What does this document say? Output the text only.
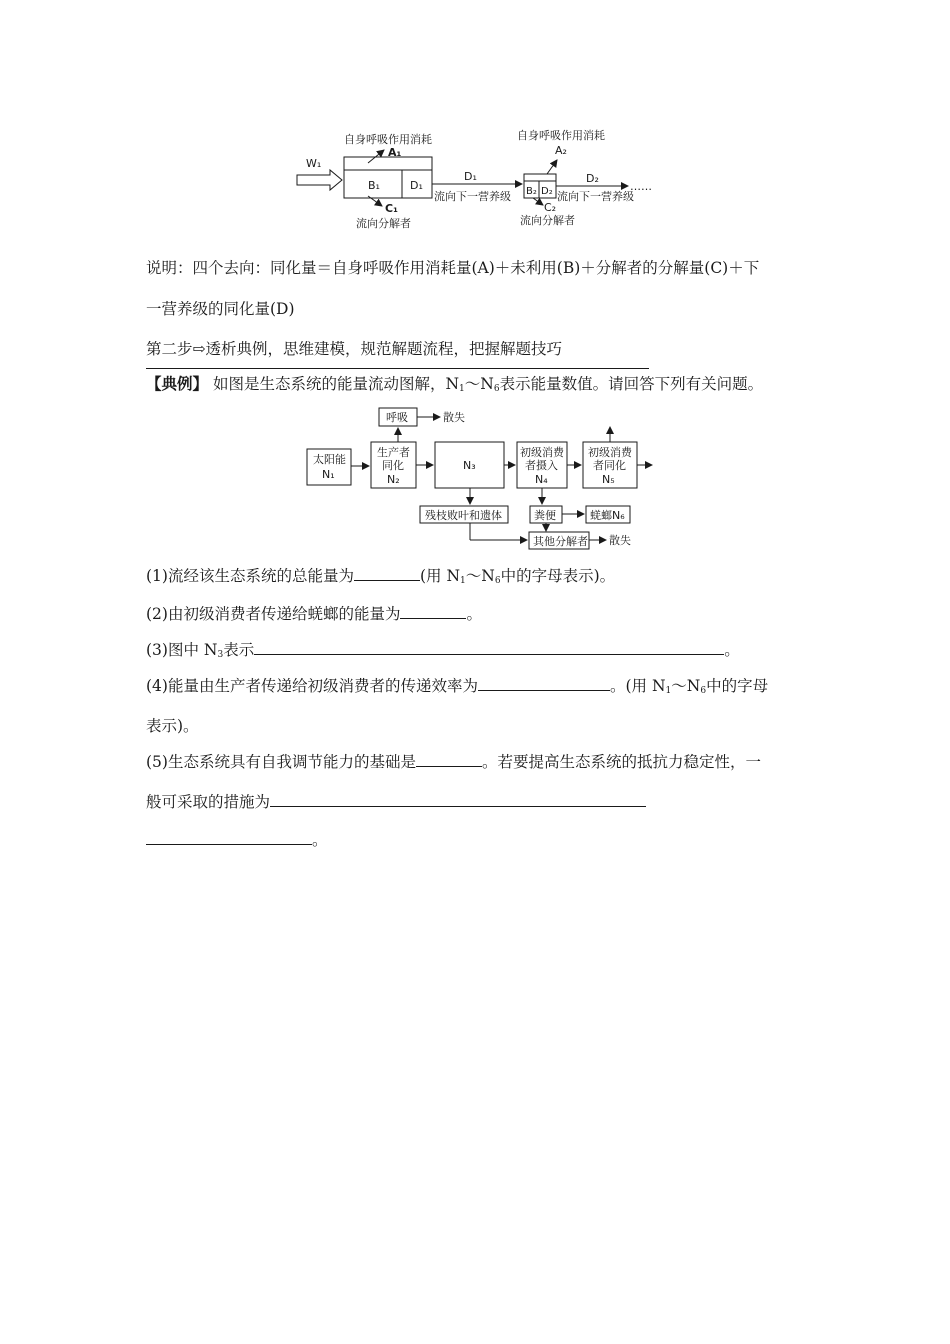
W₁
B₁	D₁
自身呼吸作用消耗
A₁
C₁
流向分解者
D₁
流向下一营养级 B₂ D₂
自身呼吸作用消耗
A₂
C₂
流向分解者
D₂
流向下一营养级
……
说明：四个去向：同化量＝自身呼吸作用消耗量(A)＋未利用(B)＋分解者的分解量(C)＋下
一营养级的同化量(D)
第二步⇨透析典例，思维建模，规范解题流程，把握解题技巧
【典例】 如图是生态系统的能量流动图解，$N_1\sim N_6$表示能量数值。请回答下列有关问题。
呼吸	散失
太阳能
N₁
生产者
同化
N₂
N₃
初级消费
者摄入
N₄
初级消费
者同化
N₅
残枝败叶和遗体	粪便	蜣螂N₆
其他分解者 散失
(1)流经该生态系统的总能量为	(用 $N_1\sim N_6$中的字母表示)。
(2)由初级消费者传递给蜣螂的能量为	。
(3)图中 $N_3$表示	。
(4)能量由生产者传递给初级消费者的传递效率为	。(用 $N_1\sim N_6$中的字母
表示)。
(5)生态系统具有自我调节能力的基础是	。若要提高生态系统的抵抗力稳定性，一
般可采取的措施为
。
